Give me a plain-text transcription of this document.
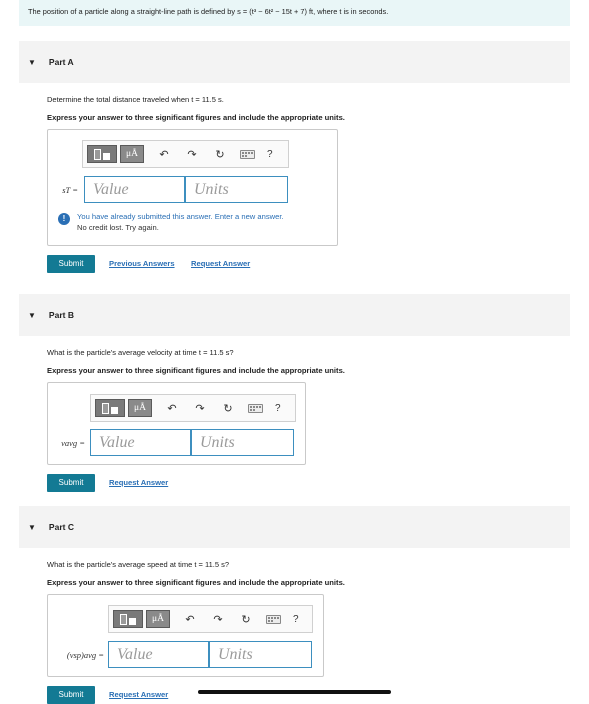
The position of a particle along a straight-line path is defined by s = (t³ − 6t² − 15t + 7) ft, where t is in seconds.
▼ Part A
Determine the total distance traveled when t = 11.5 s.
Express your answer to three significant figures and include the appropriate units.
μÅ	↶	↷	↻	?
sT = Value	Units
!	You have already submitted this answer. Enter a new answer.
No credit lost. Try again.
Submit	Previous Answers Request Answer
▼ Part B
What is the particle's average velocity at time t = 11.5 s?
Express your answer to three significant figures and include the appropriate units.
μÅ	↶	↷	↻	?
vavg = Value	Units
Submit	Request Answer
▼ Part C
What is the particle's average speed at time t = 11.5 s?
Express your answer to three significant figures and include the appropriate units.
μÅ	↶	↷	↻	?
(vsp)avg = Value	Units
Submit	Request Answer
